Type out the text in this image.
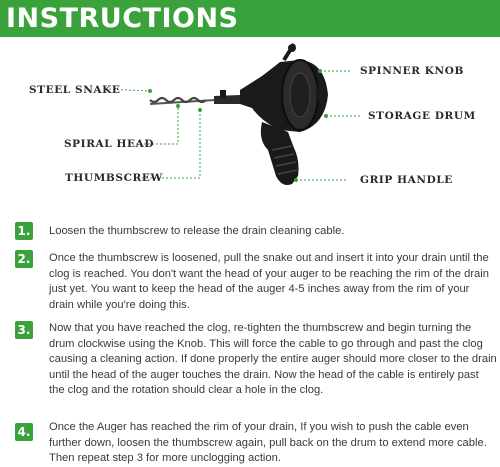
INSTRUCTIONS
STEEL SNAKE
SPIRAL HEAD
THUMBSCREW
SPINNER KNOB
STORAGE DRUM
GRIP HANDLE
1. Loosen the thumbscrew to release the drain cleaning cable.
2. Once the thumbscrew is loosened, pull the snake out and insert it into your drain until the clog is reached. You don't want the head of your auger to be reaching the rim of the drain just yet. You want to keep the head of the auger 4-5 inches away from the rim of your drain while you're doing this.
3. Now that you have reached the clog, re-tighten the thumbscrew and begin turning the drum clockwise using the Knob. This will force the cable to go through and past the clog causing a cleaning action. If done properly the entire auger should more closer to the drain until the head of the auger touches the drain. Now the head of the cable is entirely past the clog and the rotation should clear a hole in the clog.
4. Once the Auger has reached the rim of your drain, If you wish to push the cable even further down, loosen the thumbscrew again, pull back on the drum to extend more cable. Then repeat step 3 for more unclogging action.
